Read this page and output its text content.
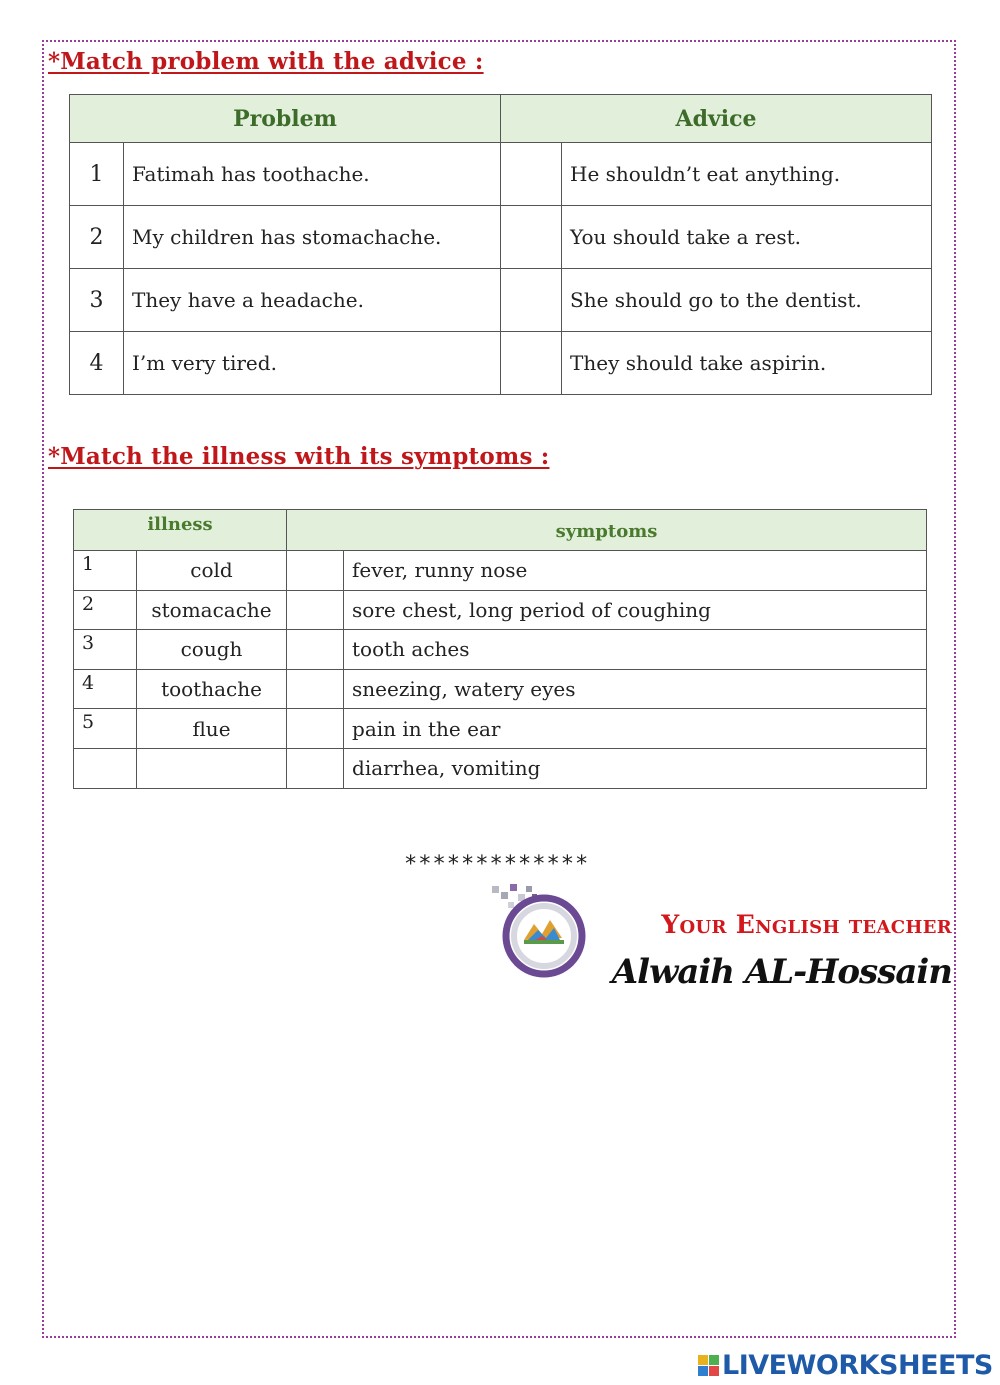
*Match problem with the advice :
Problem		Advice	
1	Fatimah has toothache.		He shouldn’t eat anything.
2	My children has stomachache.		You should take a rest.
3	They have a headache.		She should go to the dentist.
4	I’m very tired.		They should take aspirin.
*Match the illness with its symptoms :
illness		symptoms	
1	cold		fever, runny nose
2	stomacache		sore chest, long period of coughing
3	cough		tooth aches
4	toothache		sneezing, watery eyes
5	flue		pain in the ear
			diarrhea, vomiting
*************
Your English teacher
Alwaih AL-Hossain
LIVEWORKSHEETS
